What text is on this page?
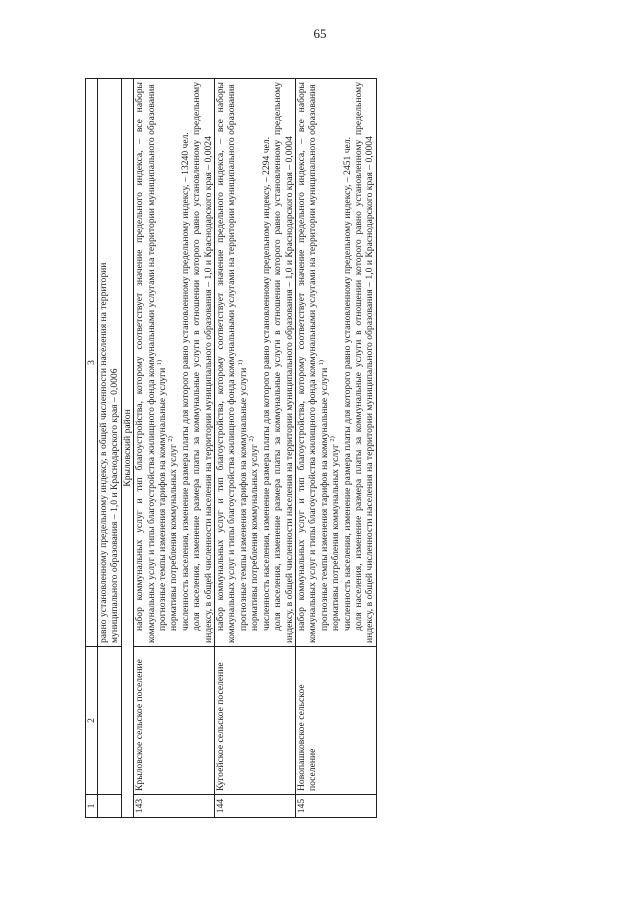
65
1	2	3

		равно установленному предельному индексу, в общей численности населения на территории муниципального образования – 1,0 и Краснодарского края – 0,0006

Крыловский район		
143	Крыловское сельское поселение	набор коммунальных услуг и тип благоустройства, которому соответствует значение предельного индекса, – все наборы коммунальных услуг и типы благоустройства жилищного фонда коммунальными услугами на территории муниципального образования прогнозные темпы изменения тарифов на коммунальные услуги $^{1)}$

нормативы потребления коммунальных услуг $^{2)}$ численность населения, изменение размера платы для которого равно установленному предельному индексу, – 13240 чел. доля населения, изменение размера платы за коммунальные услуги в отношении которого равно установленному предельному индексу, в общей численности населения на территории муниципального образования – 1,0 и Краснодарского края – 0,0024

144	Кугоейское сельское поселение	набор коммунальных услуг и тип благоустройства, которому соответствует значение предельного индекса, – все наборы коммунальных услуг и типы благоустройства жилищного фонда коммунальными услугами на территории муниципального образования прогнозные темпы изменения тарифов на коммунальные услуги $^{1)}$

нормативы потребления коммунальных услуг $^{2)}$ численность населения, изменение размера платы для которого равно установленному предельному индексу, – 2294 чел. доля населения, изменение размера платы за коммунальные услуги в отношении которого равно установленному предельному индексу, в общей численности населения на территории муниципального образования – 1,0 и Краснодарского края – 0,0004

145	Новопашковское сельское поселение	набор коммунальных услуг и тип благоустройства, которому соответствует значение предельного индекса, – все наборы коммунальных услуг и типы благоустройства жилищного фонда коммунальными услугами на территории муниципального образования прогнозные темпы изменения тарифов на коммунальные услуги $^{1)}$

нормативы потребления коммунальных услуг $^{2)}$ численность населения, изменение размера платы для которого равно установленному предельному индексу, – 2451 чел. доля населения, изменение размера платы за коммунальные услуги в отношении которого равно установленному предельному индексу, в общей численности населения на территории муниципального образования – 1,0 и Краснодарского края – 0,0004
